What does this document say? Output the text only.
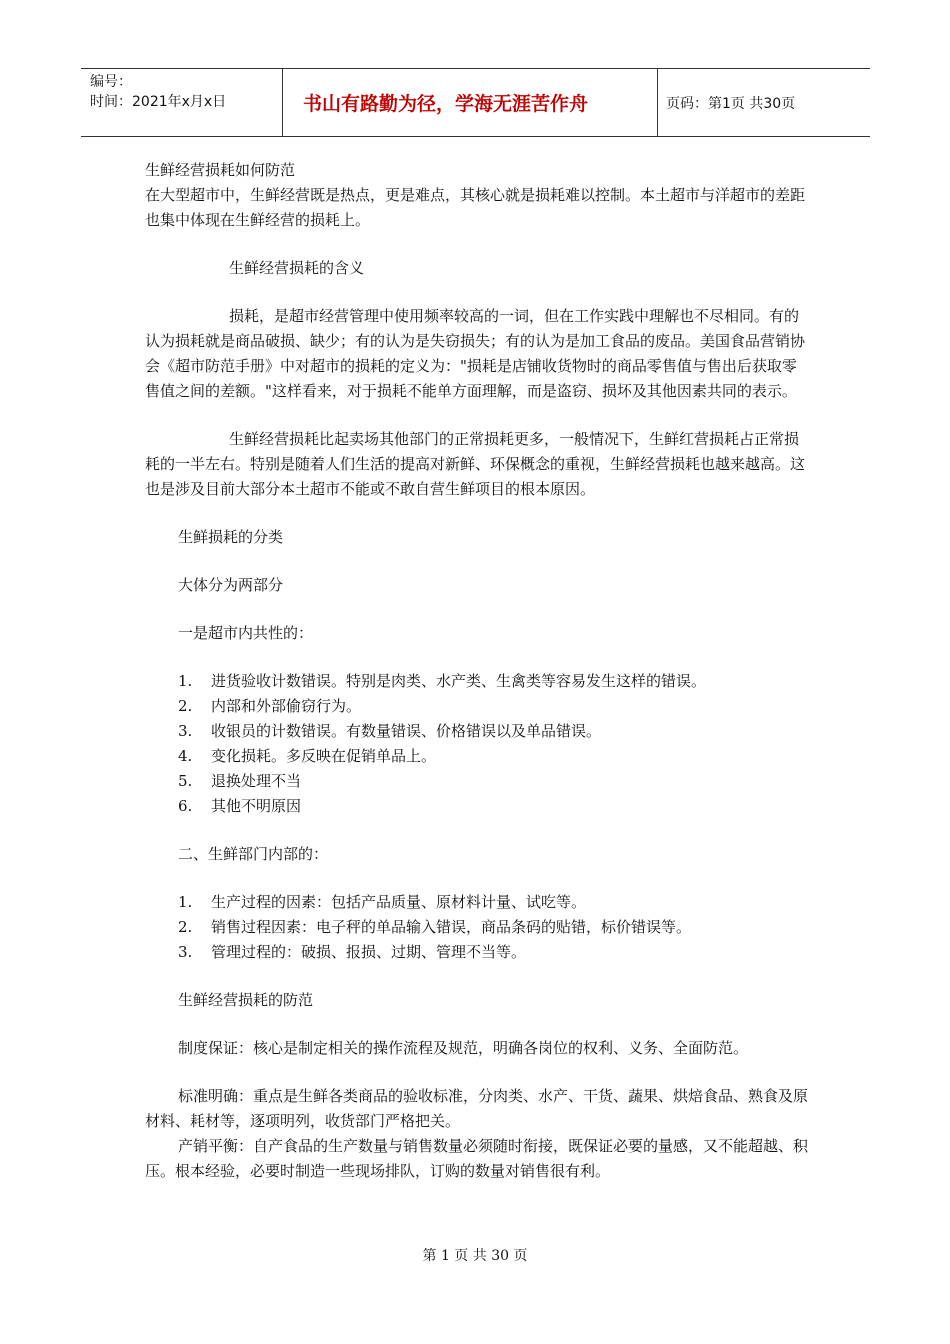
编号：
时间：2021年x月x日	书山有路勤为径，学海无涯苦作舟	页码：第1页 共30页

生鲜经营损耗如何防范

在大型超市中，生鲜经营既是热点，更是难点，其核心就是损耗难以控制。本土超市与洋超市的差距也集中体现在生鲜经营的损耗上。

生鲜经营损耗的含义

损耗，是超市经营管理中使用频率较高的一词，但在工作实践中理解也不尽相同。有的认为损耗就是商品破损、缺少；有的认为是失窃损失；有的认为是加工食品的废品。美国食品营销协会《超市防范手册》中对超市的损耗的定义为："损耗是店铺收货物时的商品零售值与售出后获取零售值之间的差额。"这样看来，对于损耗不能单方面理解，而是盗窃、损坏及其他因素共同的表示。

生鲜经营损耗比起卖场其他部门的正常损耗更多，一般情况下，生鲜红营损耗占正常损耗的一半左右。特别是随着人们生活的提高对新鲜、环保概念的重视，生鲜经营损耗也越来越高。这也是涉及目前大部分本土超市不能或不敢自营生鲜项目的根本原因。

生鲜损耗的分类

大体分为两部分

一是超市内共性的：

1.	进货验收计数错误。特别是肉类、水产类、生禽类等容易发生这样的错误。
2.	内部和外部偷窃行为。
3.	收银员的计数错误。有数量错误、价格错误以及单品错误。
4.	变化损耗。多反映在促销单品上。
5.	退换处理不当
6.	其他不明原因

二、生鲜部门内部的：

1.	生产过程的因素：包括产品质量、原材料计量、试吃等。
2.	销售过程因素：电子秤的单品输入错误，商品条码的贴错，标价错误等。
3.	管理过程的：破损、报损、过期、管理不当等。

生鲜经营损耗的防范

制度保证：核心是制定相关的操作流程及规范，明确各岗位的权利、义务、全面防范。

标准明确：重点是生鲜各类商品的验收标准，分肉类、水产、干货、蔬果、烘焙食品、熟食及原材料、耗材等，逐项明列，收货部门严格把关。

产销平衡：自产食品的生产数量与销售数量必须随时衔接，既保证必要的量感，又不能超越、积压。根本经验，必要时制造一些现场排队，订购的数量对销售很有利。

第 1 页 共 30 页
